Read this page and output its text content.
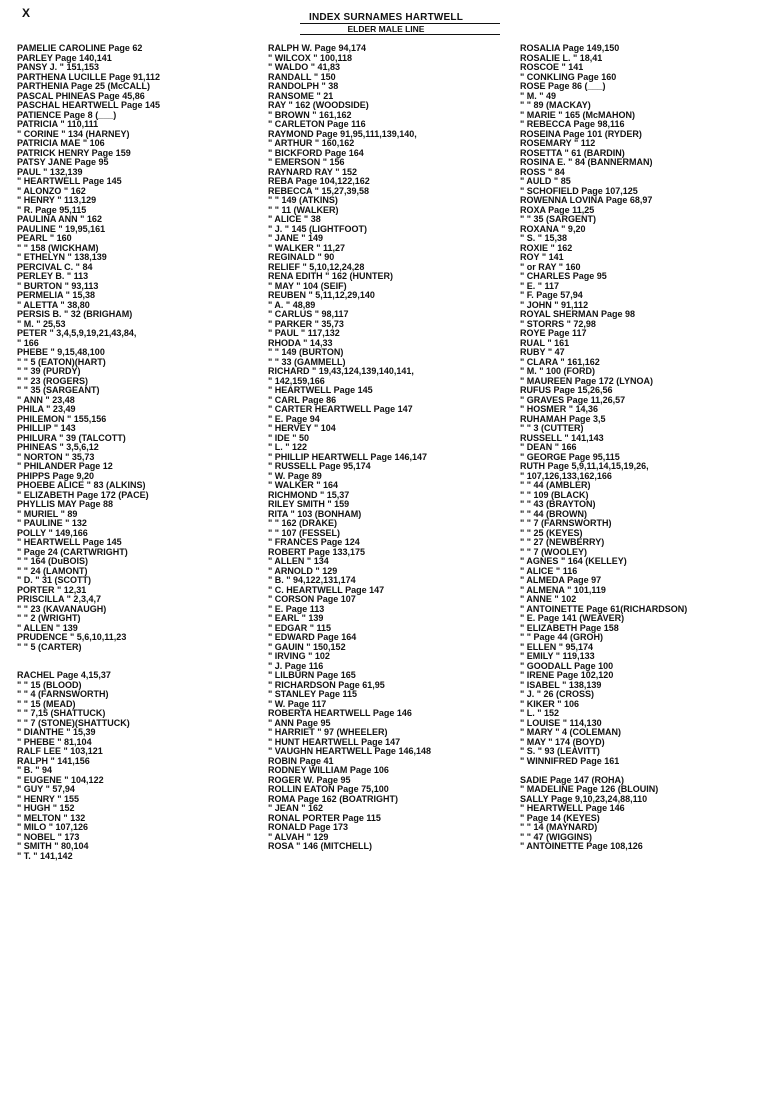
X	INDEX SURNAMES HARTWELL
ELDER MALE LINE
PAMELIE CAROLINE Page 62
PARLEY Page 140,141
PANSY J. " 151,153
PARTHENA LUCILLE Page 91,112
PARTHENIA Page 25 (McCALL)
PASCAL PHINEAS Page 45,86
PASCHAL HEARTWELL Page 145
PATIENCE Page 8 (___)
PATRICIA " 110,111
" CORINE " 134 (HARNEY)
PATRICIA MAE " 106
PATRICK HENRY Page 159
PATSY JANE Page 95
PAUL " 132,139
" HEARTWELL Page 145
" ALONZO " 162
" HENRY " 113,129
" R. Page 95,115
PAULINA ANN " 162
PAULINE " 19,95,161
PEARL " 160
" " 158 (WICKHAM)
" ETHELYN " 138,139
PERCIVAL C. " 84
PERLEY B. " 113
" BURTON " 93,113
PERMELIA " 15,38
" ALETTA " 38,80
PERSIS B. " 32 (BRIGHAM)
" M. " 25,53
PETER " 3,4,5,9,19,21,43,84,
" 166
PHEBE " 9,15,48,100
" " 5 (EATON)(HART)
" " 39 (PURDY)
" " 23 (ROGERS)
" " 35 (SARGEANT)
" ANN " 23,48
PHILA " 23,49
PHILEMON " 155,156
PHILLIP " 143
PHILURA " 39 (TALCOTT)
PHINEAS " 3,5,6,12
" NORTON " 35,73
" PHILANDER Page 12
PHIPPS Page 9,20
PHOEBE ALICE " 83 (ALKINS)
" ELIZABETH Page 172 (PACE)
PHYLLIS MAY Page 88
" MURIEL " 89
" PAULINE " 132
POLLY " 149,166
" HEARTWELL Page 145
" Page 24 (CARTWRIGHT)
" " 164 (DuBOIS)
" " 24 (LAMONT)
" D. " 31 (SCOTT)
PORTER " 12,31
PRISCILLA " 2,3,4,7
" " 23 (KAVANAUGH)
" " 2 (WRIGHT)
" ALLEN " 139
PRUDENCE " 5,6,10,11,23
" " 5 (CARTER)
RACHEL Page 4,15,37
" " 15 (BLOOD)
" " 4 (FARNSWORTH)
" " 15 (MEAD)
" " 7,15 (SHATTUCK)
" " 7 (STONE)(SHATTUCK)
" DIANTHE " 15,39
" PHEBE " 81,104
RALF LEE " 103,121
RALPH " 141,156
" B. " 94
" EUGENE " 104,122
" GUY " 57,94
" HENRY " 155
" HUGH " 152
" MELTON " 132
" MILO " 107,126
" NOBEL " 173
" SMITH " 80,104
" T. " 141,142
RALPH W. Page 94,174
" WILCOX " 100,118
" WALDO " 41,83
RANDALL " 150
RANDOLPH " 38
RANSOME " 21
RAY " 162 (WOODSIDE)
" BROWN " 161,162
" CARLETON Page 116
RAYMOND Page 91,95,111,139,140,
" ARTHUR " 160,162
" BICKFORD Page 164
" EMERSON " 156
RAYNARD RAY " 152
REBA Page 104,122,162
REBECCA " 15,27,39,58
" " 149 (ATKINS)
" " 11 (WALKER)
" ALICE " 38
" J. " 145 (LIGHTFOOT)
" JANE " 149
" WALKER " 11,27
REGINALD " 90
RELIEF " 5,10,12,24,28
RENA EDITH " 162 (HUNTER)
" MAY " 104 (SEIF)
REUBEN " 5,11,12,29,140
" A. " 48,89
" CARLUS " 98,117
" PARKER " 35,73
" PAUL " 117,132
RHODA " 14,33
" " 149 (BURTON)
" " 33 (GAMMELL)
RICHARD " 19,43,124,139,140,141,
" 142,159,166
" HEARTWELL Page 145
" CARL Page 86
" CARTER HEARTWELL Page 147
" E. Page 94
" HERVEY " 104
" IDE " 50
" L. " 122
" PHILLIP HEARTWELL Page 146,147
" RUSSELL Page 95,174
" W. Page 89
" WALKER " 164
RICHMOND " 15,37
RILEY SMITH " 159
RITA " 103 (BONHAM)
" " 162 (DRAKE)
" " 107 (FESSEL)
" FRANCES Page 124
ROBERT Page 133,175
" ALLEN " 134
" ARNOLD " 129
" B. " 94,122,131,174
" C. HEARTWELL Page 147
" CORSON Page 107
" E. Page 113
" EARL " 139
" EDGAR " 115
" EDWARD Page 164
" GAUIN " 150,152
" IRVING " 102
" J. Page 116
" LILBURN Page 165
" RICHARDSON Page 61,95
" STANLEY Page 115
" W. Page 117
ROBERTA HEARTWELL Page 146
" ANN Page 95
" HARRIET " 97 (WHEELER)
" HUNT HEARTWELL Page 147
" VAUGHN HEARTWELL Page 146,148
ROBIN Page 41
RODNEY WILLIAM Page 106
ROGER W. Page 95
ROLLIN EATON Page 75,100
ROMA Page 162 (BOATRIGHT)
" JEAN " 162
RONAL PORTER Page 115
RONALD Page 173
" ALVAH " 129
ROSA " 146 (MITCHELL)
ROSALIA Page 149,150
ROSALIE L. " 18,41
ROSCOE " 141
" CONKLING Page 160
ROSE Page 86 (___)
" M. " 49
" " 89 (MACKAY)
" MARIE " 165 (McMAHON)
" REBECCA Page 98,116
ROSEINA Page 101 (RYDER)
ROSEMARY " 112
ROSETTA " 61 (BARDIN)
ROSINA E. " 84 (BANNERMAN)
ROSS " 84
" AULD " 85
" SCHOFIELD Page 107,125
ROWENNA LOVINA Page 68,97
ROXA Page 11,25
" " 35 (SARGENT)
ROXANA " 9,20
" S. " 15,38
ROXIE " 162
ROY " 141
" or RAY " 160
" CHARLES Page 95
" E. " 117
" F. Page 57,94
" JOHN " 91,112
ROYAL SHERMAN Page 98
" STORRS " 72,98
ROYE Page 117
RUAL " 161
RUBY " 47
" CLARA " 161,162
" M. " 100 (FORD)
" MAUREEN Page 172 (LYNOA)
RUFUS Page 15,26,56
" GRAVES Page 11,26,57
" HOSMER " 14,36
RUHAMAH Page 3,5
" " 3 (CUTTER)
RUSSELL " 141,143
" DEAN " 166
" GEORGE Page 95,115
RUTH Page 5,9,11,14,15,19,26,
" 107,126,133,162,166
" " 44 (AMBLER)
" " 109 (BLACK)
" " 43 (BRAYTON)
" " 44 (BROWN)
" " 7 (FARNSWORTH)
" " 25 (KEYES)
" " 27 (NEWBERRY)
" " 7 (WOOLEY)
" AGNES " 164 (KELLEY)
" ALICE " 116
" ALMEDA Page 97
" ALMENA " 101,119
" ANNE " 102
" ANTOINETTE Page 61(RICHARDSON)
" E. Page 141 (WEAVER)
" ELIZABETH Page 158
" " Page 44 (GROH)
" ELLEN " 95,174
" EMILY " 119,133
" GOODALL Page 100
" IRENE Page 102,120
" ISABEL " 138,139
" J. " 26 (CROSS)
" KIKER " 106
" L. " 152
" LOUISE " 114,130
" MARY " 4 (COLEMAN)
" MAY " 174 (BOYD)
" S. " 93 (LEAVITT)
" WINNIFRED Page 161
SADIE Page 147 (ROHA)
" MADELINE Page 126 (BLOUIN)
SALLY Page 9,10,23,24,88,110
" HEARTWELL Page 146
" Page 14 (KEYES)
" " 14 (MAYNARD)
" " 47 (WIGGINS)
" ANTOINETTE Page 108,126
